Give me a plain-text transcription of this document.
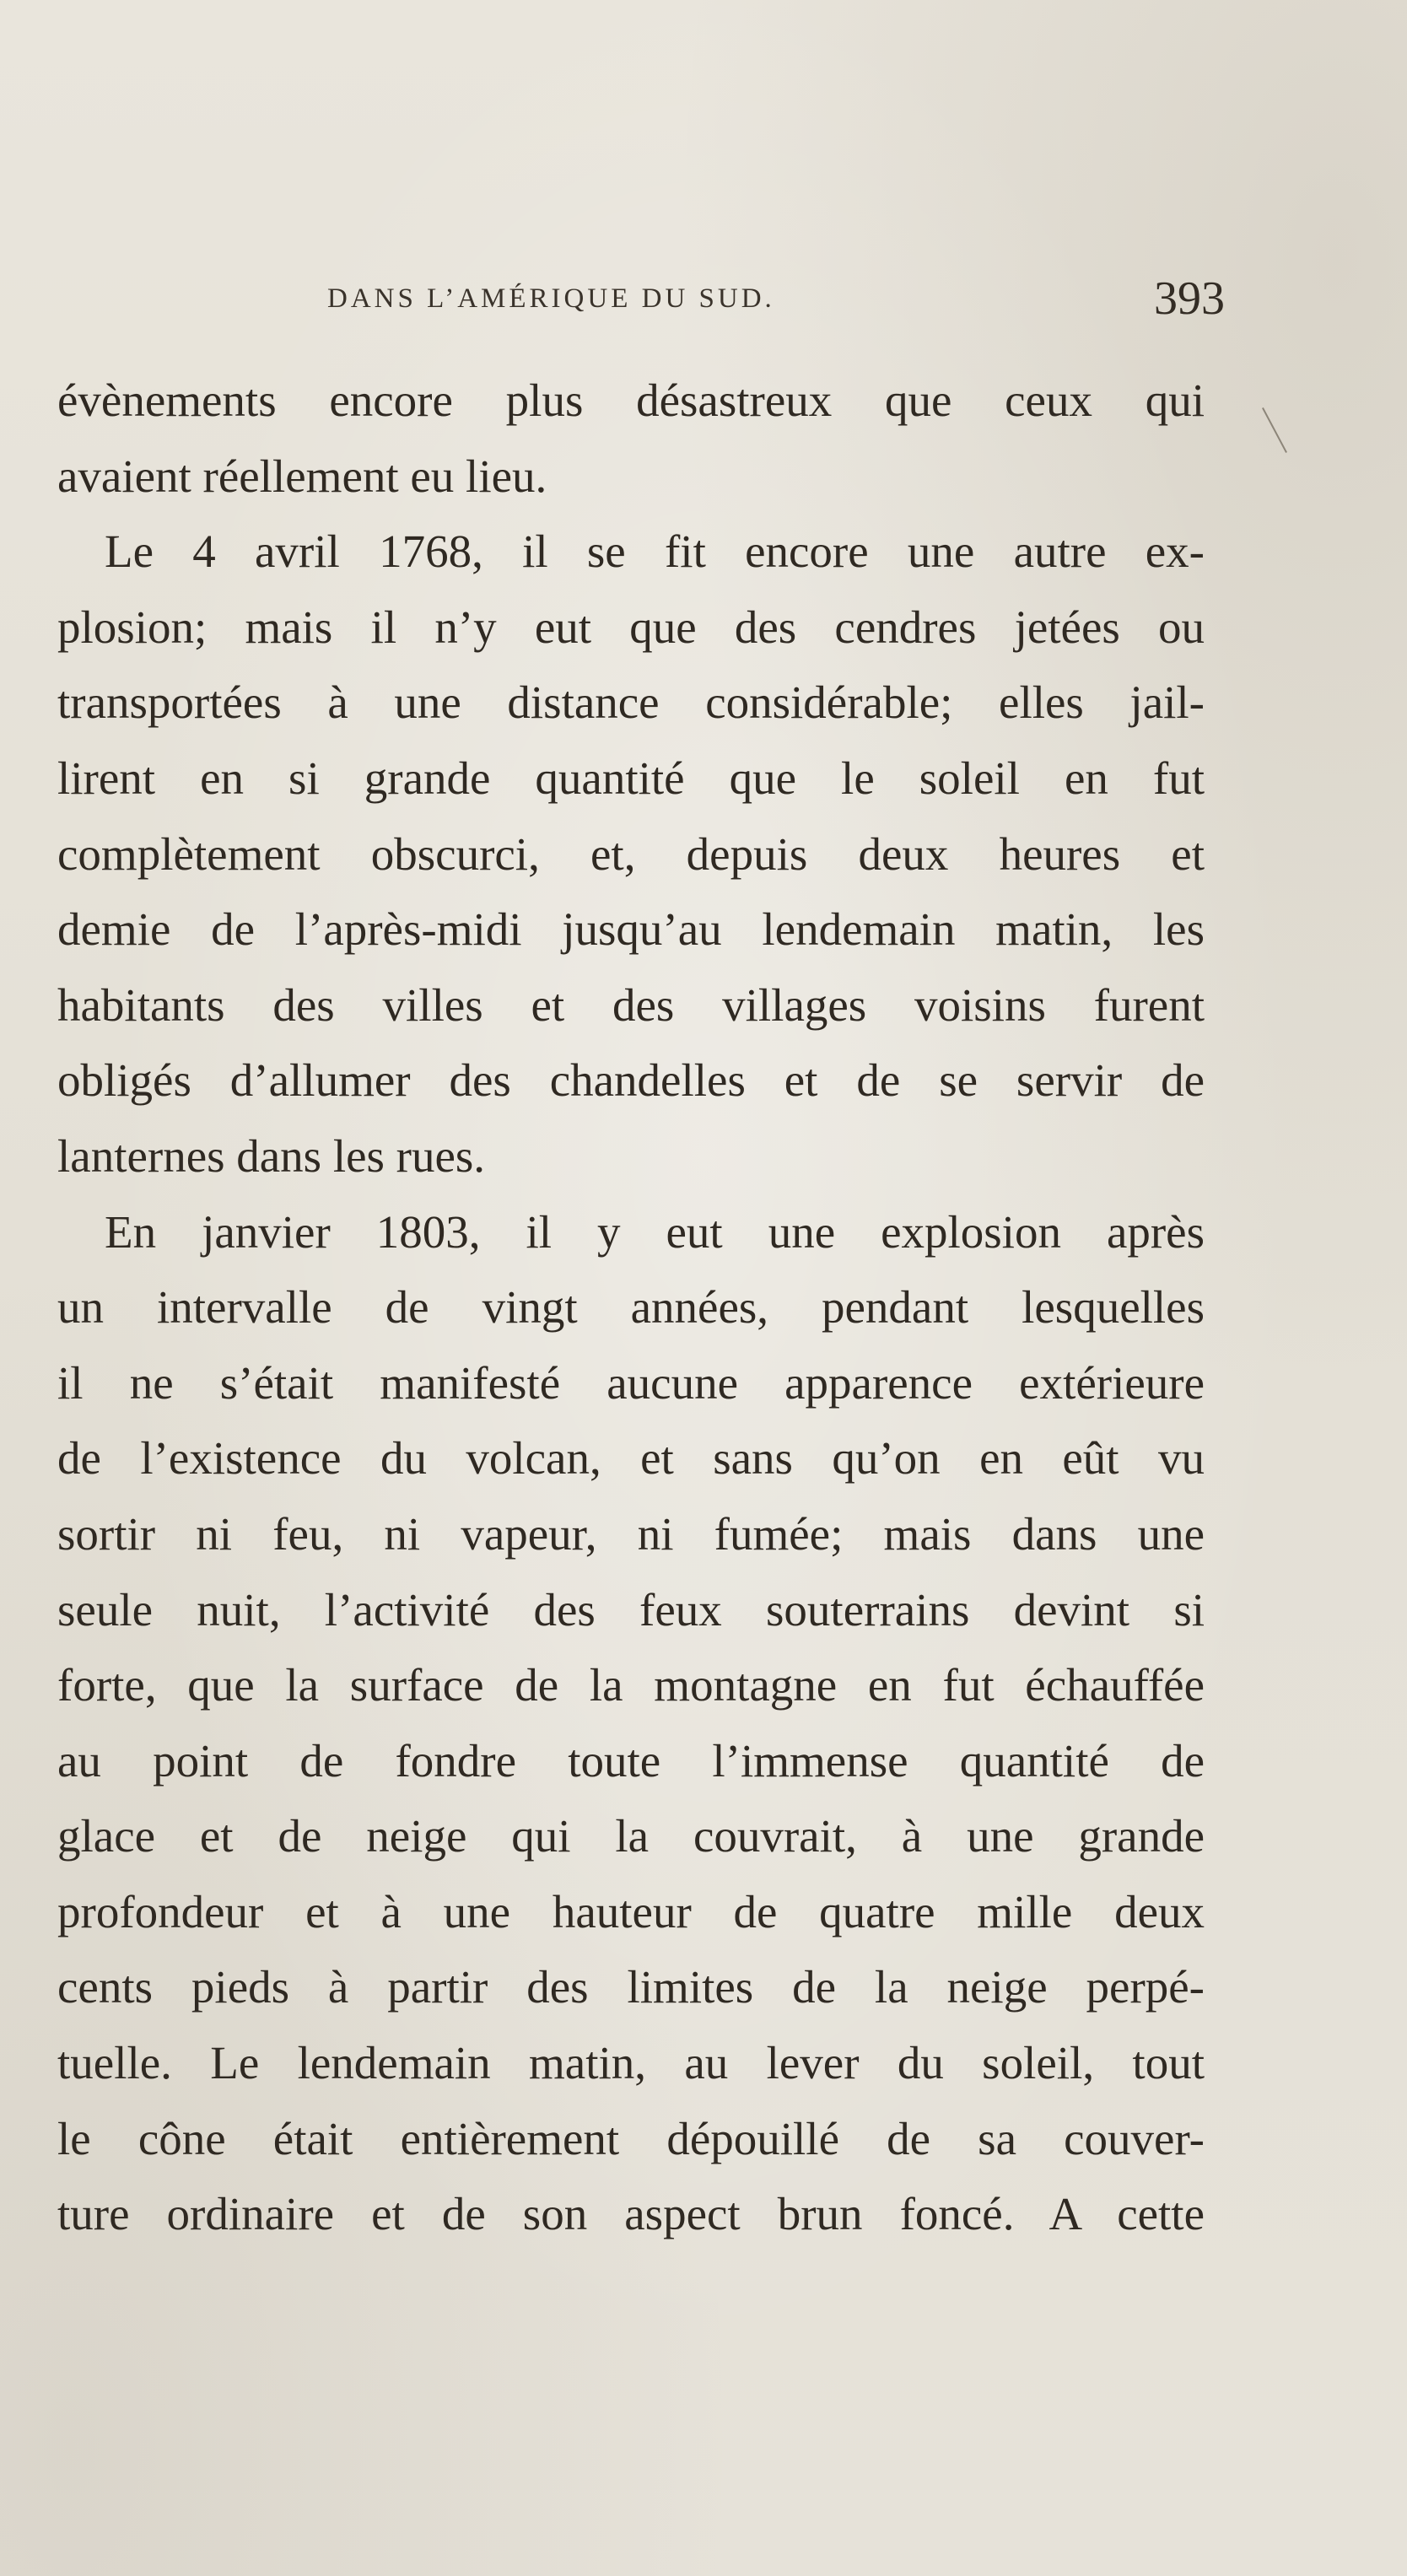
DANS L’AMÉRIQUE DU SUD.	393
évènements encore plus désastreux que ceux qui
avaient réellement eu lieu.
Le 4 avril 1768, il se fit encore une autre ex-
plosion; mais il n’y eut que des cendres jetées ou
transportées à une distance considérable; elles jail-
lirent en si grande quantité que le soleil en fut
complètement obscurci, et, depuis deux heures et
demie de l’après-midi jusqu’au lendemain matin, les
habitants des villes et des villages voisins furent
obligés d’allumer des chandelles et de se servir de
lanternes dans les rues.
En janvier 1803, il y eut une explosion après
un intervalle de vingt années, pendant lesquelles
il ne s’était manifesté aucune apparence extérieure
de l’existence du volcan, et sans qu’on en eût vu
sortir ni feu, ni vapeur, ni fumée; mais dans une
seule nuit, l’activité des feux souterrains devint si
forte, que la surface de la montagne en fut échauffée
au point de fondre toute l’immense quantité de
glace et de neige qui la couvrait, à une grande
profondeur et à une hauteur de quatre mille deux
cents pieds à partir des limites de la neige perpé-
tuelle. Le lendemain matin, au lever du soleil, tout
le cône était entièrement dépouillé de sa couver-
ture ordinaire et de son aspect brun foncé. A cette
